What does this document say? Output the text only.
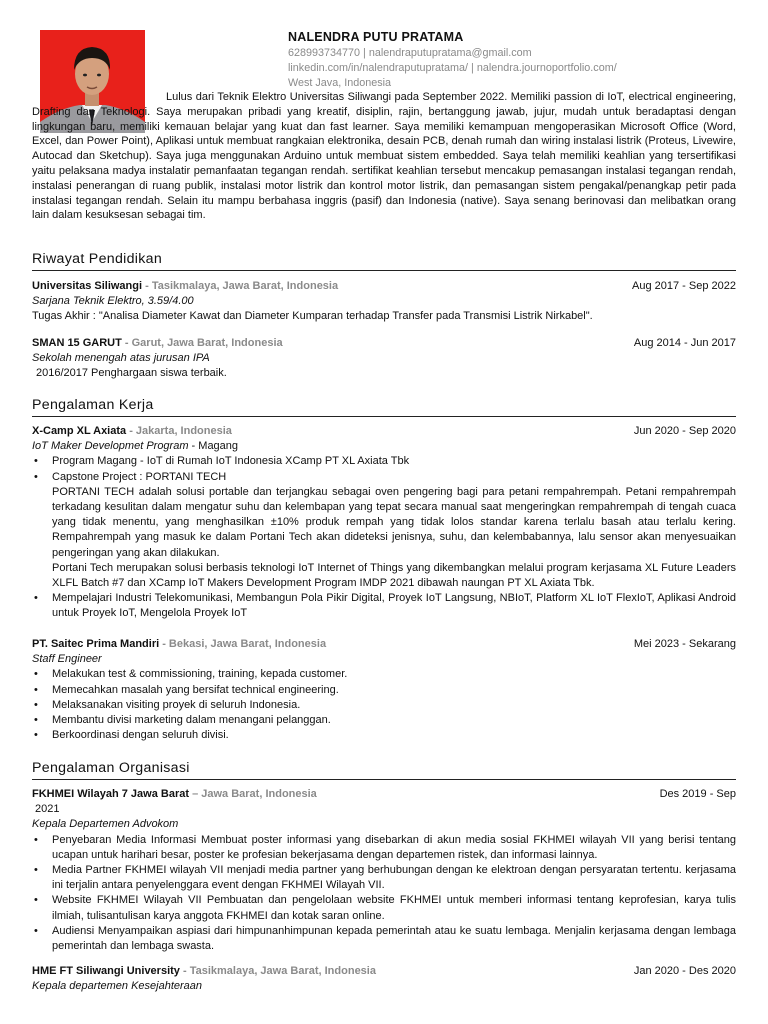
NALENDRA PUTU PRATAMA
628993734770 | nalendraputupratama@gmail.com
linkedin.com/in/nalendraputupratama/ | nalendra.journoportfolio.com/
West Java, Indonesia
Lulus dari Teknik Elektro Universitas Siliwangi pada September 2022. Memiliki passion di IoT, electrical engineering, Drafting dan Teknologi. Saya merupakan pribadi yang kreatif, disiplin, rajin, bertanggung jawab, jujur, mudah untuk beradaptasi dengan lingkungan baru, memiliki kemauan belajar yang kuat dan fast learner. Saya memiliki kemampuan mengoperasikan Microsoft Office (Word, Excel, dan Power Point), Aplikasi untuk membuat rangkaian elektronika, desain PCB, denah rumah dan wiring instalasi listrik (Proteus, Livewire, Autocad dan Sketchup). Saya juga menggunakan Arduino untuk membuat sistem embedded. Saya telah memiliki keahlian yang tersertifikasi yaitu pelaksana madya instalatir pemanfaatan tegangan rendah. sertifikat keahlian tersebut mencakup pemasangan instalasi tegangan rendah, instalasi penerangan di ruang publik, instalasi motor listrik dan kontrol motor listrik, dan pemasangan sistem pengakal/penangkap petir pada instalasi tegangan rendah. Selain itu mampu berbahasa inggris (pasif) dan Indonesia (native). Saya senang berinovasi dan melibatkan orang lain dalam kesuksesan sebagai tim.
Riwayat Pendidikan
Universitas Siliwangi - Tasikmalaya, Jawa Barat, Indonesia	Aug 2017 - Sep 2022
Sarjana Teknik Elektro, 3.59/4.00
Tugas Akhir : "Analisa Diameter Kawat dan Diameter Kumparan terhadap Transfer pada Transmisi Listrik Nirkabel".
SMAN 15 GARUT - Garut, Jawa Barat, Indonesia	Aug 2014 - Jun 2017
Sekolah menengah atas jurusan IPA
2016/2017 Penghargaan siswa terbaik.
Pengalaman Kerja
X-Camp XL Axiata - Jakarta, Indonesia	Jun 2020 - Sep 2020
IoT Maker Developmet Program - Magang
• Program Magang - IoT di Rumah IoT Indonesia XCamp PT XL Axiata Tbk
• Capstone Project : PORTANI TECH
PORTANI TECH adalah solusi portable dan terjangkau sebagai oven pengering bagi para petani rempahrempah. Petani rempahrempah terkadang kesulitan dalam mengatur suhu dan kelembapan yang tepat secara manual saat mengeringkan rempahrempah di tengah cuaca yang tidak menentu, yang menghasilkan ±10% produk rempah yang tidak lolos standar karena terlalu basah atau terlalu kering. Rempahrempah yang masuk ke dalam Portani Tech akan dideteksi jenisnya, suhu, dan kelembabannya, lalu sensor akan menyesuaikan pengeringan yang akan dilakukan.
Portani Tech merupakan solusi berbasis teknologi IoT Internet of Things yang dikembangkan melalui program kerjasama XL Future Leaders XLFL Batch #7 dan XCamp IoT Makers Development Program IMDP 2021 dibawah naungan PT XL Axiata Tbk.
• Mempelajari Industri Telekomunikasi, Membangun Pola Pikir Digital, Proyek IoT Langsung, NBIoT, Platform XL IoT FlexIoT, Aplikasi Android untuk Proyek IoT, Mengelola Proyek IoT
PT. Saitec Prima Mandiri - Bekasi, Jawa Barat, Indonesia	Mei 2023 - Sekarang
Staff Engineer
• Melakukan test & commissioning, training, kepada customer.
• Memecahkan masalah yang bersifat technical engineering.
• Melaksanakan visiting proyek di seluruh Indonesia.
• Membantu divisi marketing dalam menangani pelanggan.
• Berkoordinasi dengan seluruh divisi.
Pengalaman Organisasi
FKHMEI Wilayah 7 Jawa Barat – Jawa Barat, Indonesia	Des 2019 - Sep
2021
Kepala Departemen Advokom
• Penyebaran Media Informasi Membuat poster informasi yang disebarkan di akun media sosial FKHMEI wilayah VII yang berisi tentang ucapan untuk harihari besar, poster ke profesian bekerjasama dengan departemen ristek, dan informasi lainnya.
• Media Partner FKHMEI wilayah VII menjadi media partner yang berhubungan dengan ke elektroan dengan persyaratan tertentu. kerjasama ini terjalin antara penyelenggara event dengan FKHMEI Wilayah VII.
• Website FKHMEI Wilayah VII Pembuatan dan pengelolaan website FKHMEI untuk memberi informasi tentang keprofesian, karya tulis ilmiah, tulisantulisan karya anggota FKHMEI dan kotak saran online.
• Audiensi Menyampaikan aspiasi dari himpunanhimpunan kepada pemerintah atau ke suatu lembaga. Menjalin kerjasama dengan lembaga pemerintah dan lembaga swasta.
HME FT Siliwangi University - Tasikmalaya, Jawa Barat, Indonesia	Jan 2020 - Des 2020
Kepala departemen Kesejahteraan
